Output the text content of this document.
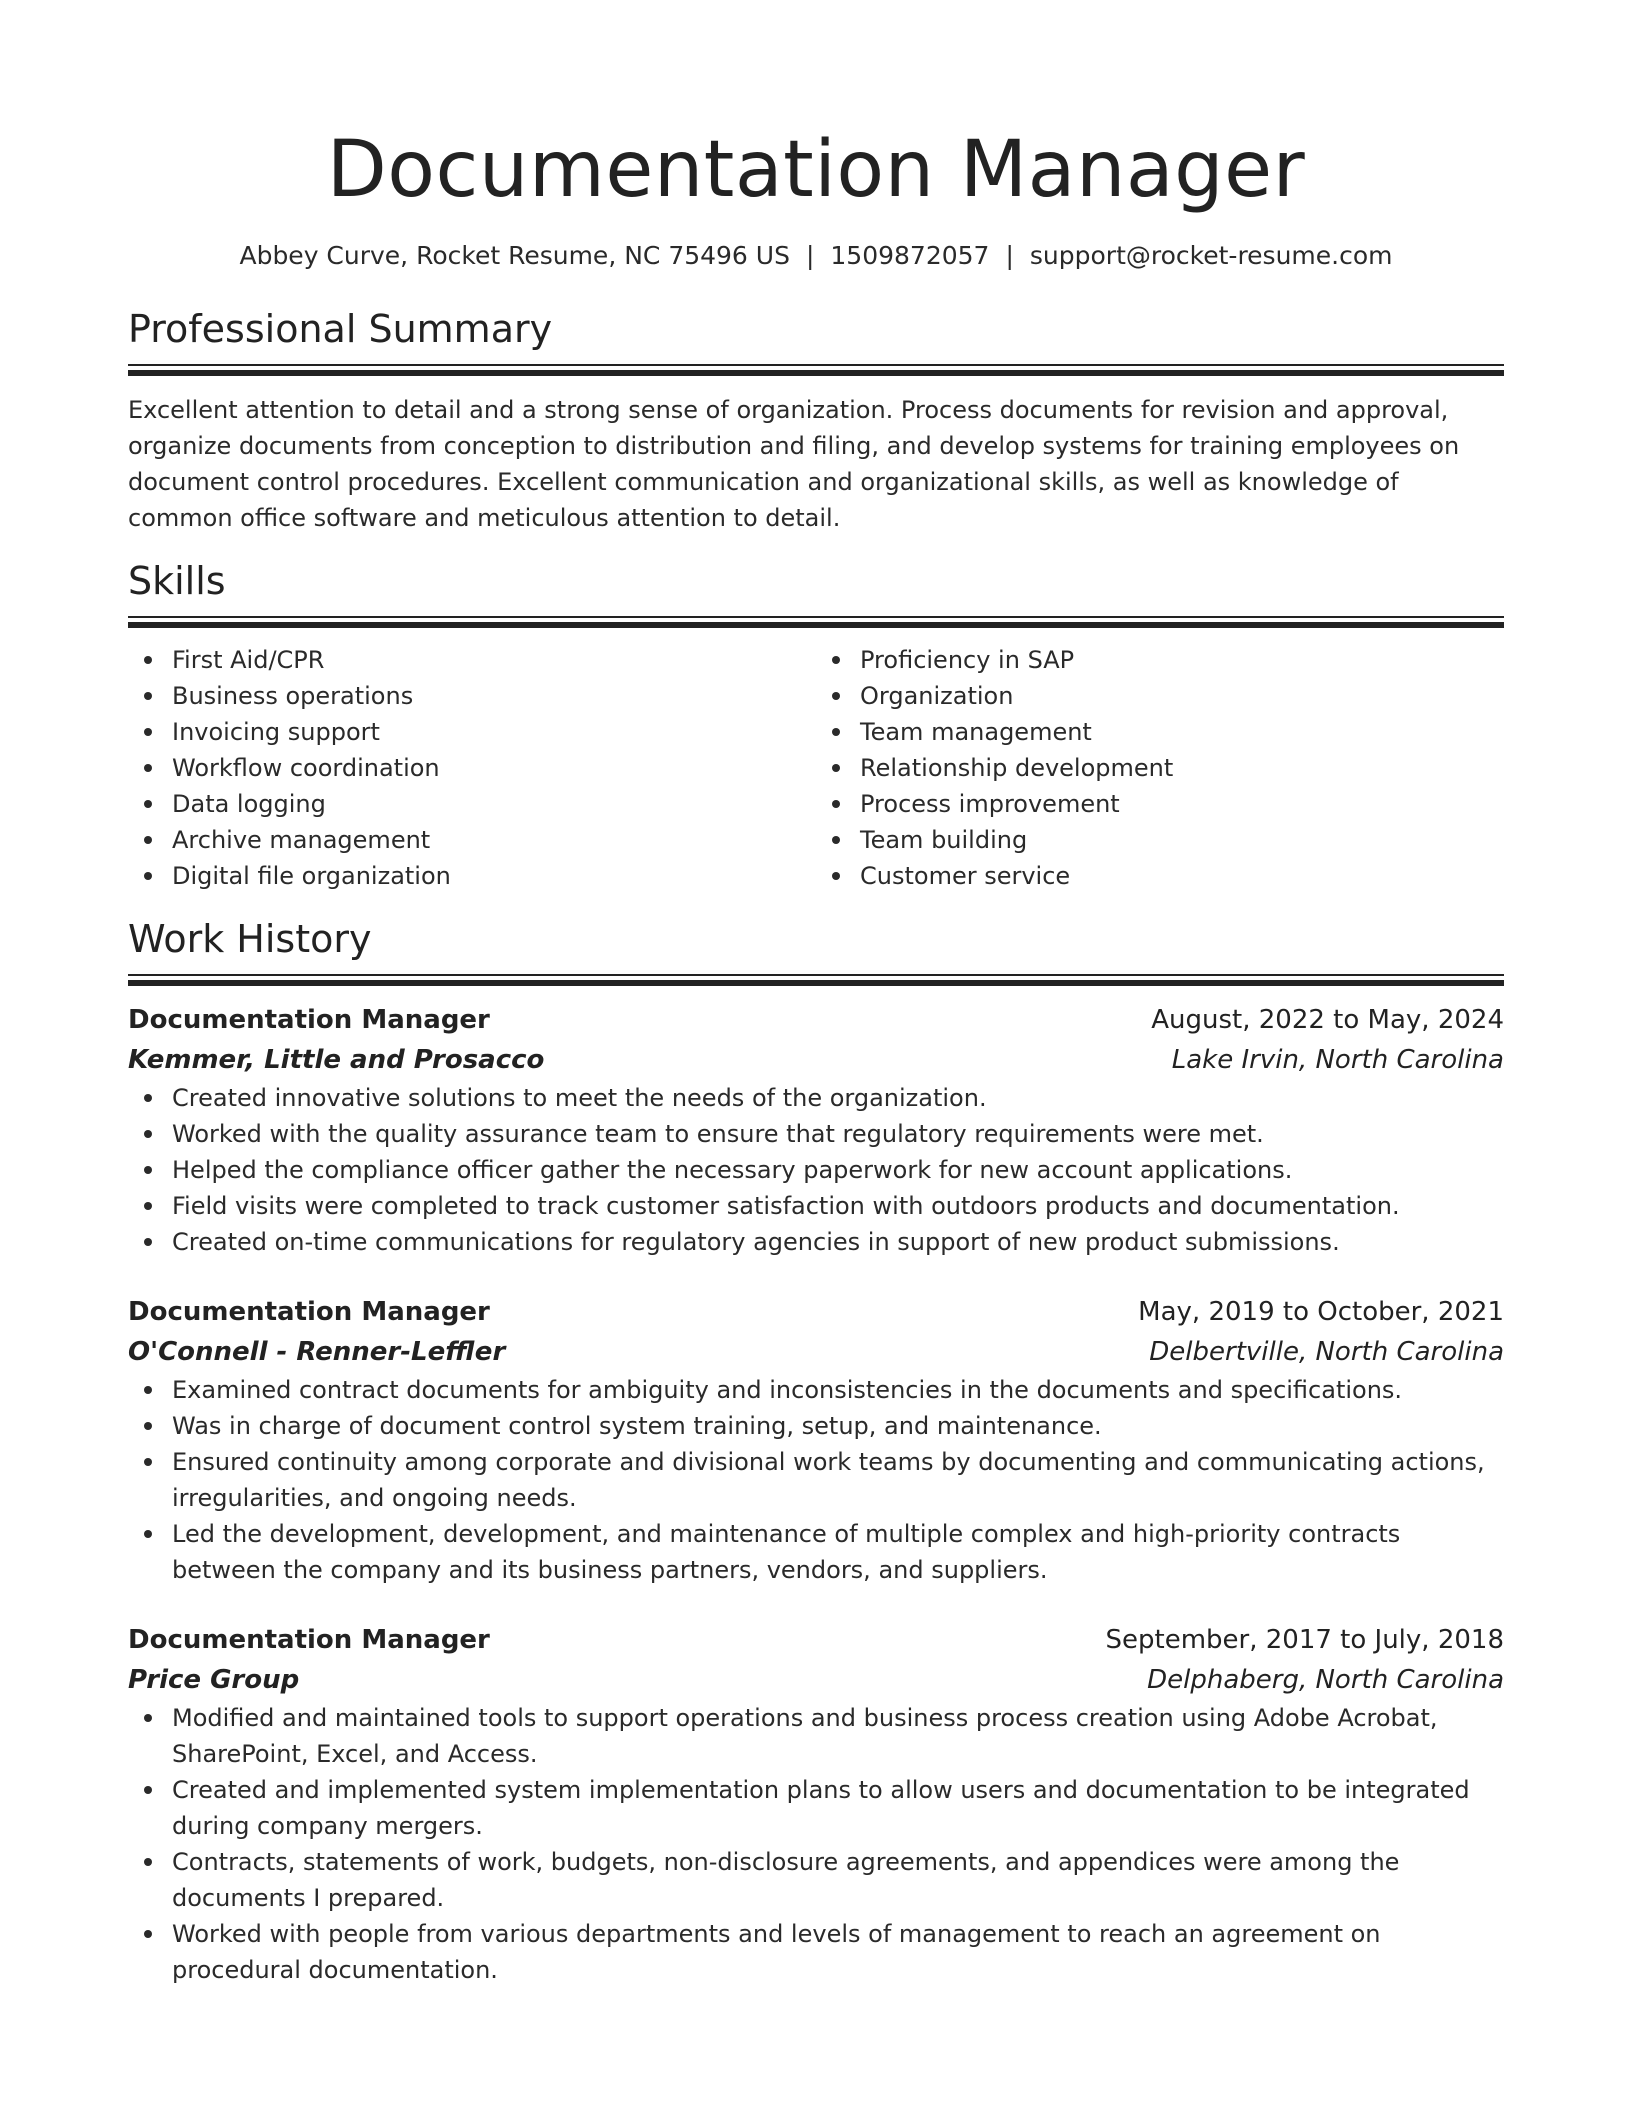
Documentation Manager
Abbey Curve, Rocket Resume, NC 75496 US | 1509872057 | support@rocket-resume.com
Professional Summary

Excellent attention to detail and a strong sense of organization. Process documents for revision and approval, organize documents from conception to distribution and filing, and develop systems for training employees on document control procedures. Excellent communication and organizational skills, as well as knowledge of common office software and meticulous attention to detail.

Skills
First Aid/CPR
Business operations
Invoicing support
Workflow coordination
Data logging
Archive management
Digital file organization
Proficiency in SAP
Organization
Team management
Relationship development
Process improvement
Team building
Customer service
Work History
Documentation Manager	August, 2022 to May, 2024
Kemmer, Little and Prosacco	Lake Irvin, North Carolina
Created innovative solutions to meet the needs of the organization.
Worked with the quality assurance team to ensure that regulatory requirements were met.
Helped the compliance officer gather the necessary paperwork for new account applications.
Field visits were completed to track customer satisfaction with outdoors products and documentation.
Created on-time communications for regulatory agencies in support of new product submissions.
Documentation Manager	May, 2019 to October, 2021
O'Connell - Renner-Leffler	Delbertville, North Carolina
Examined contract documents for ambiguity and inconsistencies in the documents and specifications.
Was in charge of document control system training, setup, and maintenance.
Ensured continuity among corporate and divisional work teams by documenting and communicating actions, irregularities, and ongoing needs.
Led the development, development, and maintenance of multiple complex and high-priority contracts between the company and its business partners, vendors, and suppliers.
Documentation Manager	September, 2017 to July, 2018
Price Group	Delphaberg, North Carolina
Modified and maintained tools to support operations and business process creation using Adobe Acrobat, SharePoint, Excel, and Access.
Created and implemented system implementation plans to allow users and documentation to be integrated during company mergers.
Contracts, statements of work, budgets, non-disclosure agreements, and appendices were among the documents I prepared.
Worked with people from various departments and levels of management to reach an agreement on procedural documentation.
